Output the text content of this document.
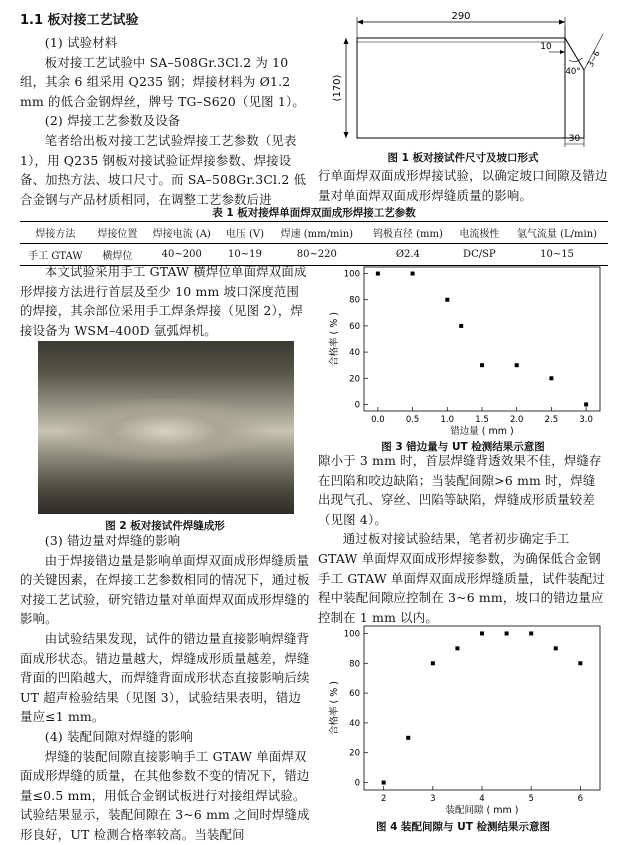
1.1 板对接工艺试验

(1) 试验材料

板对接工艺试验中 SA–508Gr.3Cl.2 为 10 组，其余 6 组采用 Q235 钢；焊接材料为 Ø1.2 mm 的低合金钢焊丝，牌号 TG–S620（见图 1）。

(2) 焊接工艺参数及设备

笔者给出板对接工艺试验焊接工艺参数（见表 1），用 Q235 钢板对接试验证焊接参数、焊接设备、加热方法、坡口尺寸。而 SA–508Gr.3Cl.2 低合金钢与产品材质相同，在调整工艺参数后进

290
(170)
10
40°
3~6
30
图 1 板对接试件尺寸及坡口形式

行单面焊双面成形焊接试验，以确定坡口间隙及错边量对单面焊双面成形焊缝质量的影响。

表 1 板对接焊单面焊双面成形焊接工艺参数
焊接方法	焊接位置	焊接电流 (A)	电压 (V)	焊速 (mm/min)	钨极直径 (mm)	电流极性	氩气流量 (L/min)
手工 GTAW	横焊位	40~200	10~19	80~220	Ø2.4	DC/SP	10~15

本文试验采用手工 GTAW 横焊位单面焊双面成形焊接方法进行首层及至少 10 mm 坡口深度范围的焊接，其余部位采用手工焊条焊接（见图 2），焊接设备为 WSM–400D 氩弧焊机。

图 2 板对接试件焊缝成形

(3) 错边量对焊缝的影响

由于焊接错边量是影响单面焊双面成形焊缝质量的关键因素，在焊接工艺参数相同的情况下，通过板对接工艺试验，研究错边量对单面焊双面成形焊缝的影响。

由试验结果发现，试件的错边量直接影响焊缝背面成形状态。错边量越大，焊缝成形质量越差，焊缝背面的凹陷越大，而焊缝背面成形状态直接影响后续 UT 超声检验结果（见图 3），试验结果表明，错边量应≤1 mm。

(4) 装配间隙对焊缝的影响

焊缝的装配间隙直接影响手工 GTAW 单面焊双面成形焊缝的质量，在其他参数不变的情况下，错边量≤0.5 mm，用低合金钢试板进行对接组焊试验。试验结果显示，装配间隙在 3~6 mm 之间时焊缝成形良好，UT 检测合格率较高。当装配间

0.0 0.5 1.0 1.5 2.0 2.5 3.0
0
20
40
60
80
100
错边量 ( mm )
合格率 ( % )
图 3 错边量与 UT 检测结果示意图

隙小于 3 mm 时，首层焊缝背透效果不佳，焊缝存在凹陷和咬边缺陷；当装配间隙>6 mm 时，焊缝出现气孔、穿丝、凹陷等缺陷，焊缝成形质量较差（见图 4）。

通过板对接试验结果，笔者初步确定手工 GTAW 单面焊双面成形焊接参数，为确保低合金钢手工 GTAW 单面焊双面成形焊缝质量，试件装配过程中装配间隙应控制在 3~6 mm，坡口的错边量应控制在 1 mm 以内。

2	3	4	5	6
0
20
40
60
80
100
装配间隙 ( mm )
合格率 ( % )
图 4 装配间隙与 UT 检测结果示意图
